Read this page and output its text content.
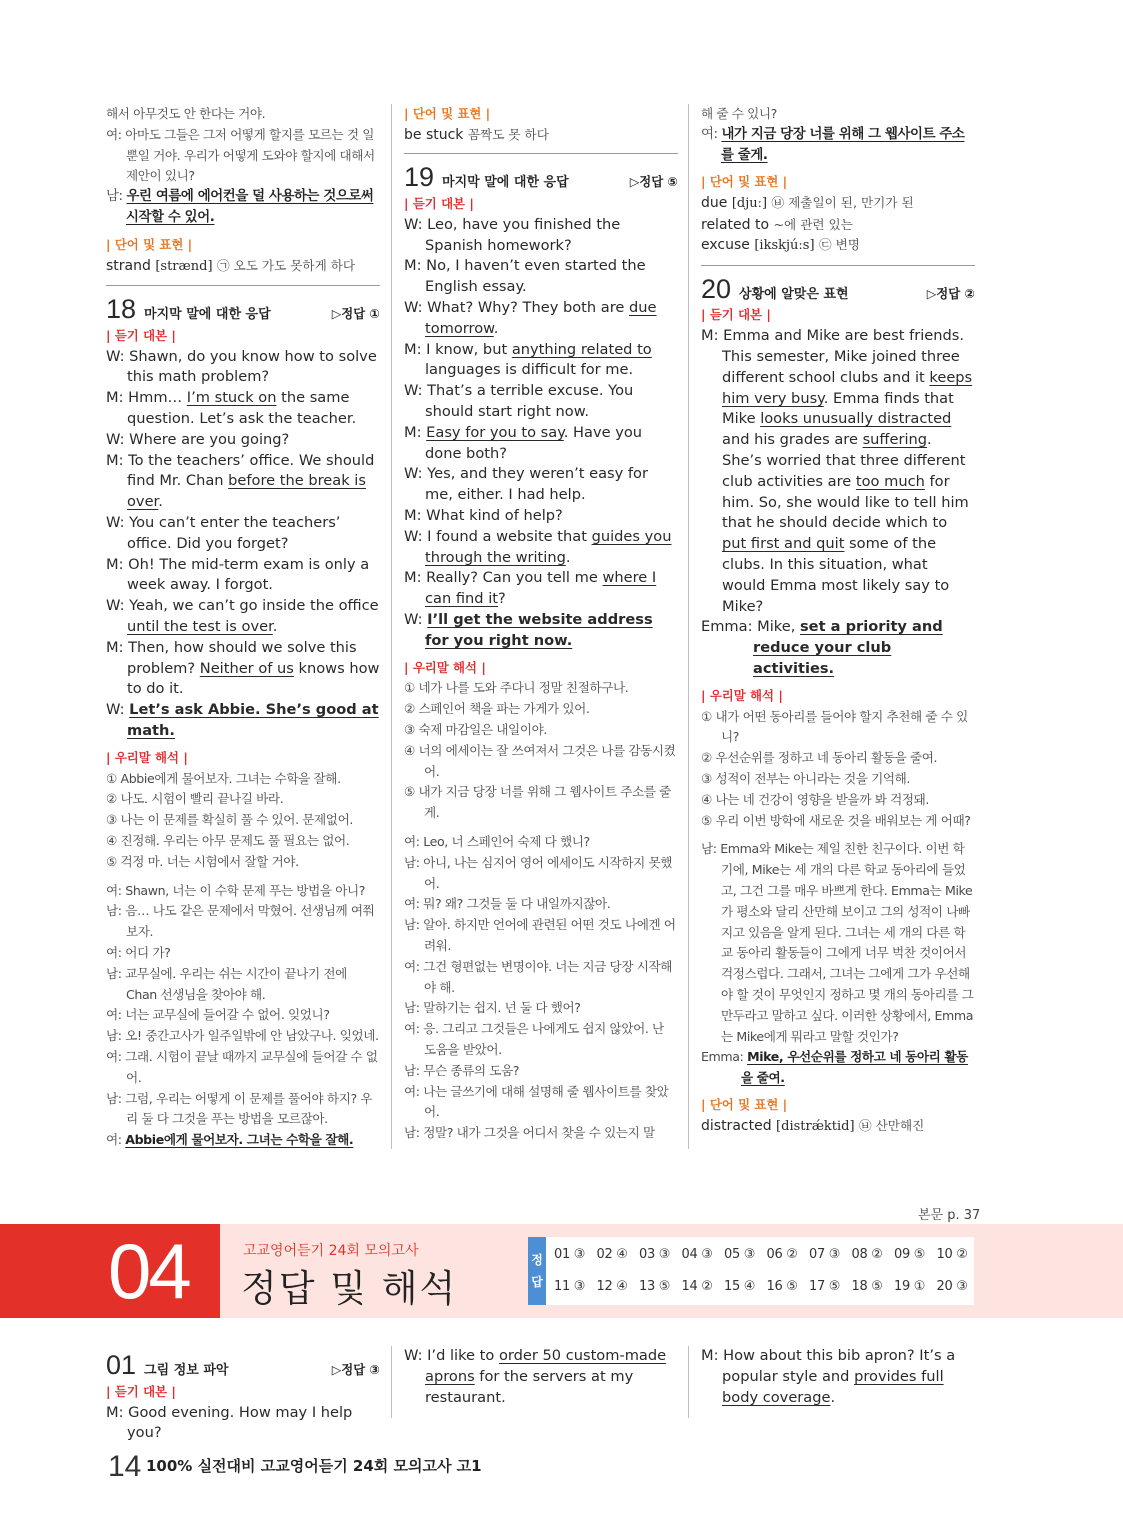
해서 아무것도 안 한다는 거야.
여: 아마도 그들은 그저 어떻게 할지를 모르는 것 일 뿐일 거야. 우리가 어떻게 도와야 할지에 대해서 제안이 있니?
남: 우린 여름에 에어컨을 덜 사용하는 것으로써 시작할 수 있어.
| 단어 및 표현 |
strand [strænd] ㉠ 오도 가도 못하게 하다
18 마지막 말에 대한 응답	▷정답 ①
| 듣기 대본 |
W: Shawn, do you know how to solve this math problem?
M: Hmm… I’m stuck on the same question. Let’s ask the teacher.
W: Where are you going?
M: To the teachers’ office. We should find Mr. Chan before the break is over.
W: You can’t enter the teachers’ office. Did you forget?
M: Oh! The mid-term exam is only a week away. I forgot.
W: Yeah, we can’t go inside the office until the test is over.
M: Then, how should we solve this problem? Neither of us knows how to do it.
W: Let’s ask Abbie. She’s good at math.
| 우리말 해석 |
① Abbie에게 물어보자. 그녀는 수학을 잘해.
② 나도. 시험이 빨리 끝나길 바라.
③ 나는 이 문제를 확실히 풀 수 있어. 문제없어.
④ 진정해. 우리는 아무 문제도 풀 필요는 없어.
⑤ 걱정 마. 너는 시험에서 잘할 거야.
여: Shawn, 너는 이 수학 문제 푸는 방법을 아니?
남: 음… 나도 같은 문제에서 막혔어. 선생님께 여쭤보자.
여: 어디 가?
남: 교무실에. 우리는 쉬는 시간이 끝나기 전에 Chan 선생님을 찾아야 해.
여: 너는 교무실에 들어갈 수 없어. 잊었니?
남: 오! 중간고사가 일주일밖에 안 남았구나. 잊었네.
여: 그래. 시험이 끝날 때까지 교무실에 들어갈 수 없어.
남: 그럼, 우리는 어떻게 이 문제를 풀어야 하지? 우리 둘 다 그것을 푸는 방법을 모르잖아.
여: Abbie에게 물어보자. 그녀는 수학을 잘해.
| 단어 및 표현 |
be stuck 꼼짝도 못 하다
19 마지막 말에 대한 응답	▷정답 ⑤
| 듣기 대본 |
W: Leo, have you finished the Spanish homework?
M: No, I haven’t even started the English essay.
W: What? Why? They both are due tomorrow.
M: I know, but anything related to languages is difficult for me.
W: That’s a terrible excuse. You should start right now.
M: Easy for you to say. Have you done both?
W: Yes, and they weren’t easy for me, either. I had help.
M: What kind of help?
W: I found a website that guides you through the writing.
M: Really? Can you tell me where I can find it?
W: I’ll get the website address for you right now.
| 우리말 해석 |
① 네가 나를 도와 주다니 정말 친절하구나.
② 스페인어 책을 파는 가게가 있어.
③ 숙제 마감일은 내일이야.
④ 너의 에세이는 잘 쓰여져서 그것은 나를 감동시켰어.
⑤ 내가 지금 당장 너를 위해 그 웹사이트 주소를 줄게.
여: Leo, 너 스페인어 숙제 다 했니?
남: 아니, 나는 심지어 영어 에세이도 시작하지 못했어.
여: 뭐? 왜? 그것들 둘 다 내일까지잖아.
남: 알아. 하지만 언어에 관련된 어떤 것도 나에겐 어려워.
여: 그건 형편없는 변명이야. 너는 지금 당장 시작해야 해.
남: 말하기는 쉽지. 넌 둘 다 했어?
여: 응. 그리고 그것들은 나에게도 쉽지 않았어. 난 도움을 받았어.
남: 무슨 종류의 도움?
여: 나는 글쓰기에 대해 설명해 줄 웹사이트를 찾았어.
남: 정말? 내가 그것을 어디서 찾을 수 있는지 말
해 줄 수 있니?
여: 내가 지금 당장 너를 위해 그 웹사이트 주소를 줄게.
| 단어 및 표현 |
due [djuː] ㉥ 제출일이 된, 만기가 된
related to ~에 관련 있는
excuse [ikskjúːs] ㉢ 변명
20 상황에 알맞은 표현	▷정답 ②
| 듣기 대본 |
M: Emma and Mike are best friends. This semester, Mike joined three different school clubs and it keeps him very busy. Emma finds that Mike looks unusually distracted and his grades are suffering. She’s worried that three different club activities are too much for him. So, she would like to tell him that he should decide which to put first and quit some of the clubs. In this situation, what would Emma most likely say to Mike?
Emma: Mike, set a priority and reduce your club activities.
| 우리말 해석 |
① 내가 어떤 동아리를 들어야 할지 추천해 줄 수 있니?
② 우선순위를 정하고 네 동아리 활동을 줄여.
③ 성적이 전부는 아니라는 것을 기억해.
④ 나는 네 건강이 영향을 받을까 봐 걱정돼.
⑤ 우리 이번 방학에 새로운 것을 배워보는 게 어때?
남: Emma와 Mike는 제일 친한 친구이다. 이번 학기에, Mike는 세 개의 다른 학교 동아리에 들었고, 그건 그를 매우 바쁘게 한다. Emma는 Mike가 평소와 달리 산만해 보이고 그의 성적이 나빠지고 있음을 알게 된다. 그녀는 세 개의 다른 학교 동아리 활동들이 그에게 너무 벅찬 것이어서 걱정스럽다. 그래서, 그녀는 그에게 그가 우선해야 할 것이 무엇인지 정하고 몇 개의 동아리를 그만두라고 말하고 싶다. 이러한 상황에서, Emma는 Mike에게 뭐라고 말할 것인가?
Emma: Mike, 우선순위를 정하고 네 동아리 활동을 줄여.
| 단어 및 표현 |
distracted [distrǽktid] ㉥ 산만해진
본문 p. 37
04	고교영어듣기 24회 모의고사
정답 및 해석
정
답
01 ③ 02 ④ 03 ③ 04 ③ 05 ③ 06 ② 07 ③ 08 ② 09 ⑤ 10 ②
11 ③ 12 ④ 13 ⑤ 14 ② 15 ④ 16 ⑤ 17 ⑤ 18 ⑤ 19 ① 20 ③
01 그림 정보 파악	▷정답 ③
| 듣기 대본 |
M: Good evening. How may I help you?
W: I’d like to order 50 custom-made aprons for the servers at my restaurant.
M: How about this bib apron? It’s a popular style and provides full body coverage.
14 100% 실전대비 고교영어듣기 24회 모의고사 고1
